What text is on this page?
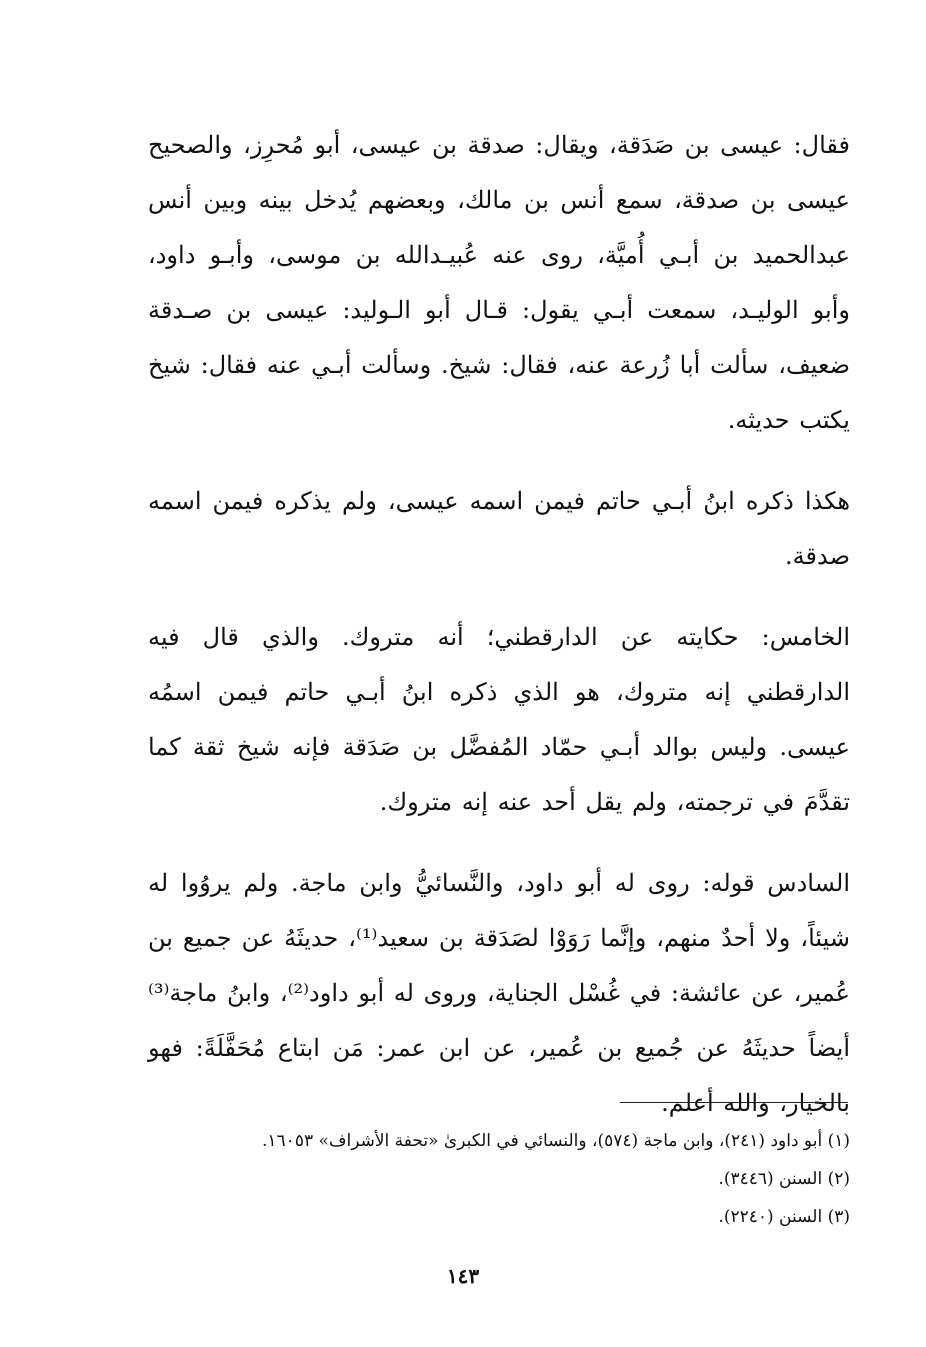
فقال: عيسى بن صَدَقة، ويقال: صدقة بن عيسى، أبو مُحرِز، والصحيح عيسى بن صدقة، سمع أنس بن مالك، وبعضهم يُدخل بينه وبين أنس عبدالحميد بن أبـي أُميَّة، روى عنه عُبيـدالله بن موسى، وأبـو داود، وأبو الوليـد، سمعت أبـي يقول: قـال أبو الـوليد: عيسى بن صـدقة ضعيف، سألت أبا زُرعة عنه، فقال: شيخ. وسألت أبـي عنه فقال: شيخ يكتب حديثه.

هكذا ذكره ابنُ أبـي حاتم فيمن اسمه عيسى، ولم يذكره فيمن اسمه صدقة.

الخامس: حكايته عن الدارقطني؛ أنه متروك. والذي قال فيه الدارقطني إنه متروك، هو الذي ذكره ابنُ أبـي حاتم فيمن اسمُه عيسى. وليس بوالد أبـي حمّاد المُفضَّل بن صَدَقة فإنه شيخ ثقة كما تقدَّمَ في ترجمته، ولم يقل أحد عنه إنه متروك.

السادس قوله: روى له أبو داود، والنَّسائيُّ وابن ماجة. ولم يروُوا له شيئاً، ولا أحدٌ منهم، وإنَّما رَوَوْا لصَدَقة بن سعيد⁽¹⁾، حديثَهُ عن جميع بن عُمير، عن عائشة: في غُسْل الجناية، وروى له أبو داود⁽²⁾، وابنُ ماجة⁽³⁾ أيضاً حديثَهُ عن جُميع بن عُمير، عن ابن عمر: مَن ابتاع مُحَفَّلَةً: فهو بالخيار، والله أعلم.

(١) أبو داود (٢٤١)، وابن ماجة (٥٧٤)، والنسائي في الكبرىٰ «تحفة الأشراف» ١٦٠٥٣.

(٢) السنن (٣٤٤٦).

(٣) السنن (٢٢٤٠).

١٤٣
